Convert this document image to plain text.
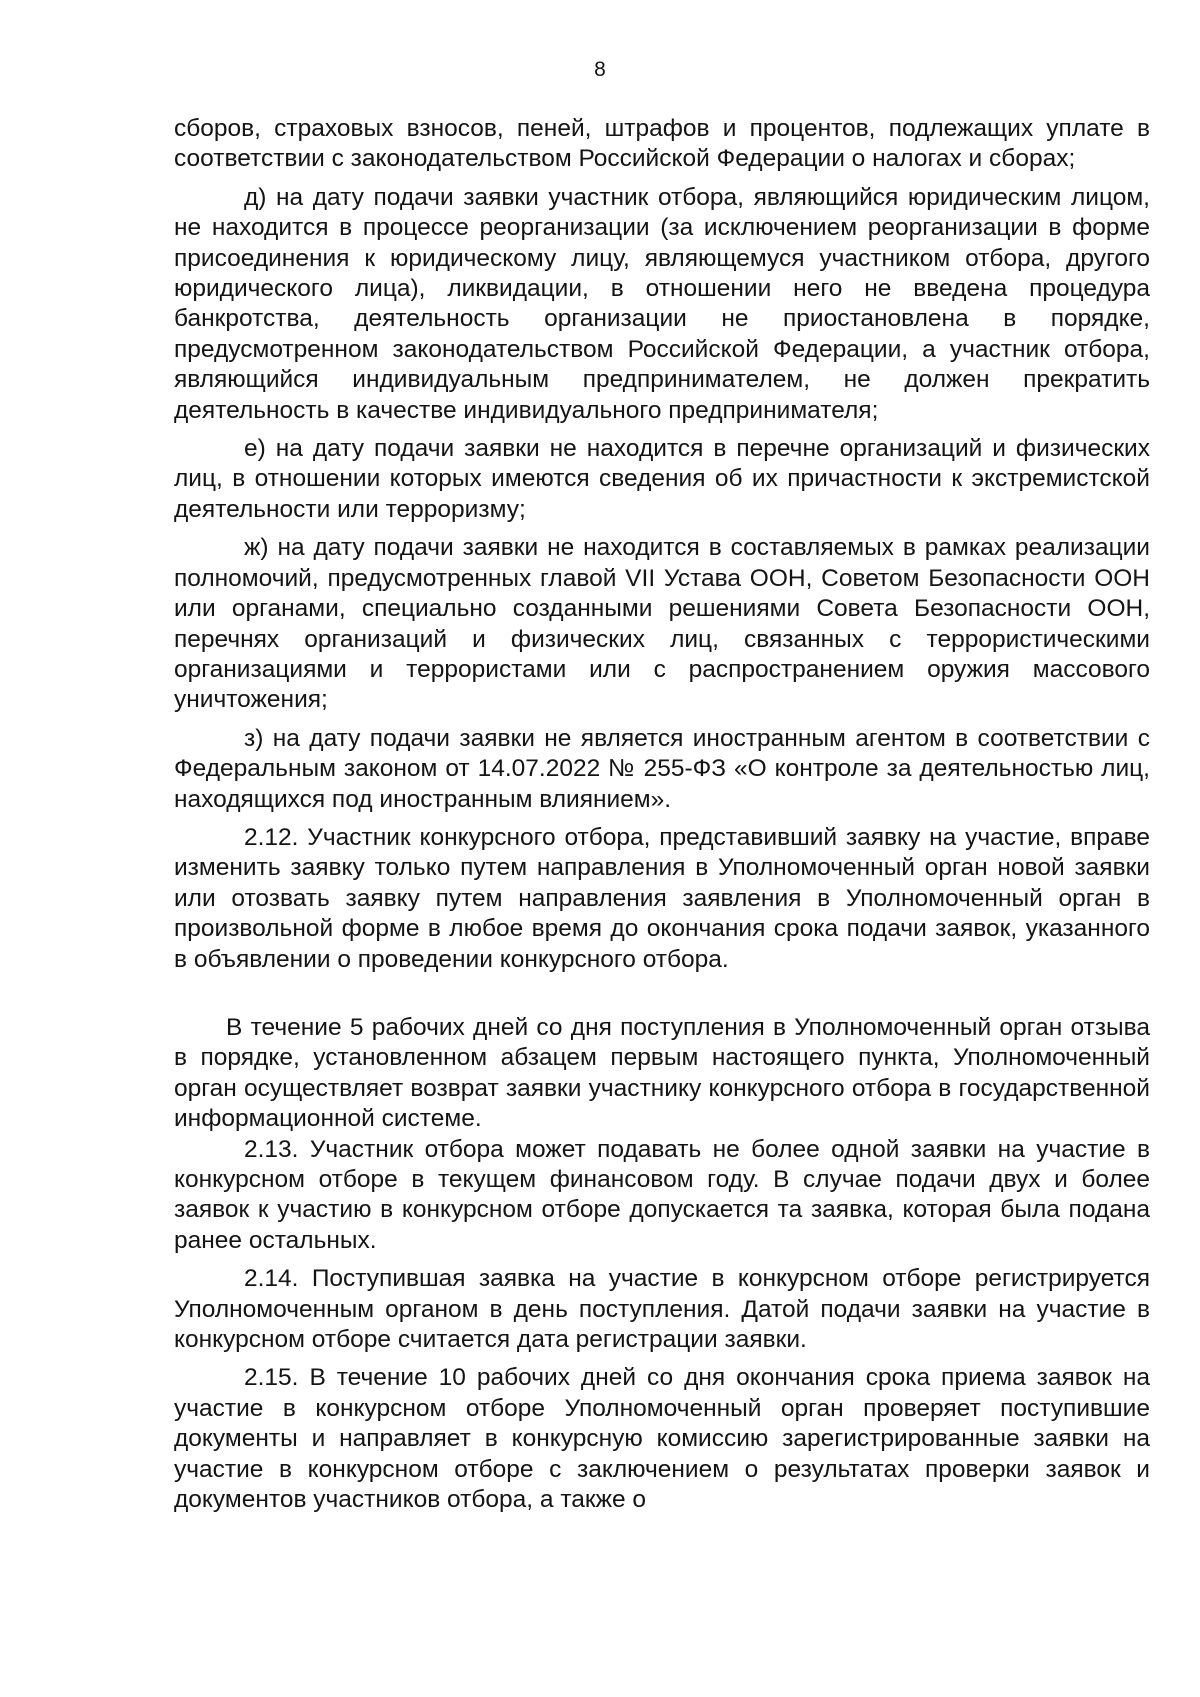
8

сборов, страховых взносов, пеней, штрафов и процентов, подлежащих уплате в соответствии с законодательством Российской Федерации о налогах и сборах;

д) на дату подачи заявки участник отбора, являющийся юридическим лицом, не находится в процессе реорганизации (за исключением реорганизации в форме присоединения к юридическому лицу, являющемуся участником отбора, другого юридического лица), ликвидации, в отношении него не введена процедура банкротства, деятельность организации не приостановлена в порядке, предусмотренном законодательством Российской Федерации, а участник отбора, являющийся индивидуальным предпринимателем, не должен прекратить деятельность в качестве индивидуального предпринимателя;

е) на дату подачи заявки не находится в перечне организаций и физических лиц, в отношении которых имеются сведения об их причастности к экстремистской деятельности или терроризму;

ж) на дату подачи заявки не находится в составляемых в рамках реализации полномочий, предусмотренных главой VII Устава ООН, Советом Безопасности ООН или органами, специально созданными решениями Совета Безопасности ООН, перечнях организаций и физических лиц, связанных с террористическими организациями и террористами или с распространением оружия массового уничтожения;

з) на дату подачи заявки не является иностранным агентом в соответствии с Федеральным законом от 14.07.2022 № 255-ФЗ «О контроле за деятельностью лиц, находящихся под иностранным влиянием».

2.12. Участник конкурсного отбора, представивший заявку на участие, вправе изменить заявку только путем направления в Уполномоченный орган новой заявки или отозвать заявку путем направления заявления в Уполномоченный орган в произвольной форме в любое время до окончания срока подачи заявок, указанного в объявлении о проведении конкурсного отбора.

В течение 5 рабочих дней со дня поступления в Уполномоченный орган отзыва в порядке, установленном абзацем первым настоящего пункта, Уполномоченный орган осуществляет возврат заявки участнику конкурсного отбора в государственной информационной системе.

2.13. Участник отбора может подавать не более одной заявки на участие в конкурсном отборе в текущем финансовом году. В случае подачи двух и более заявок к участию в конкурсном отборе допускается та заявка, которая была подана ранее остальных.

2.14. Поступившая заявка на участие в конкурсном отборе регистрируется Уполномоченным органом в день поступления. Датой подачи заявки на участие в конкурсном отборе считается дата регистрации заявки.

2.15. В течение 10 рабочих дней со дня окончания срока приема заявок на участие в конкурсном отборе Уполномоченный орган проверяет поступившие документы и направляет в конкурсную комиссию зарегистрированные заявки на участие в конкурсном отборе с заключением о результатах проверки заявок и документов участников отбора, а также о
